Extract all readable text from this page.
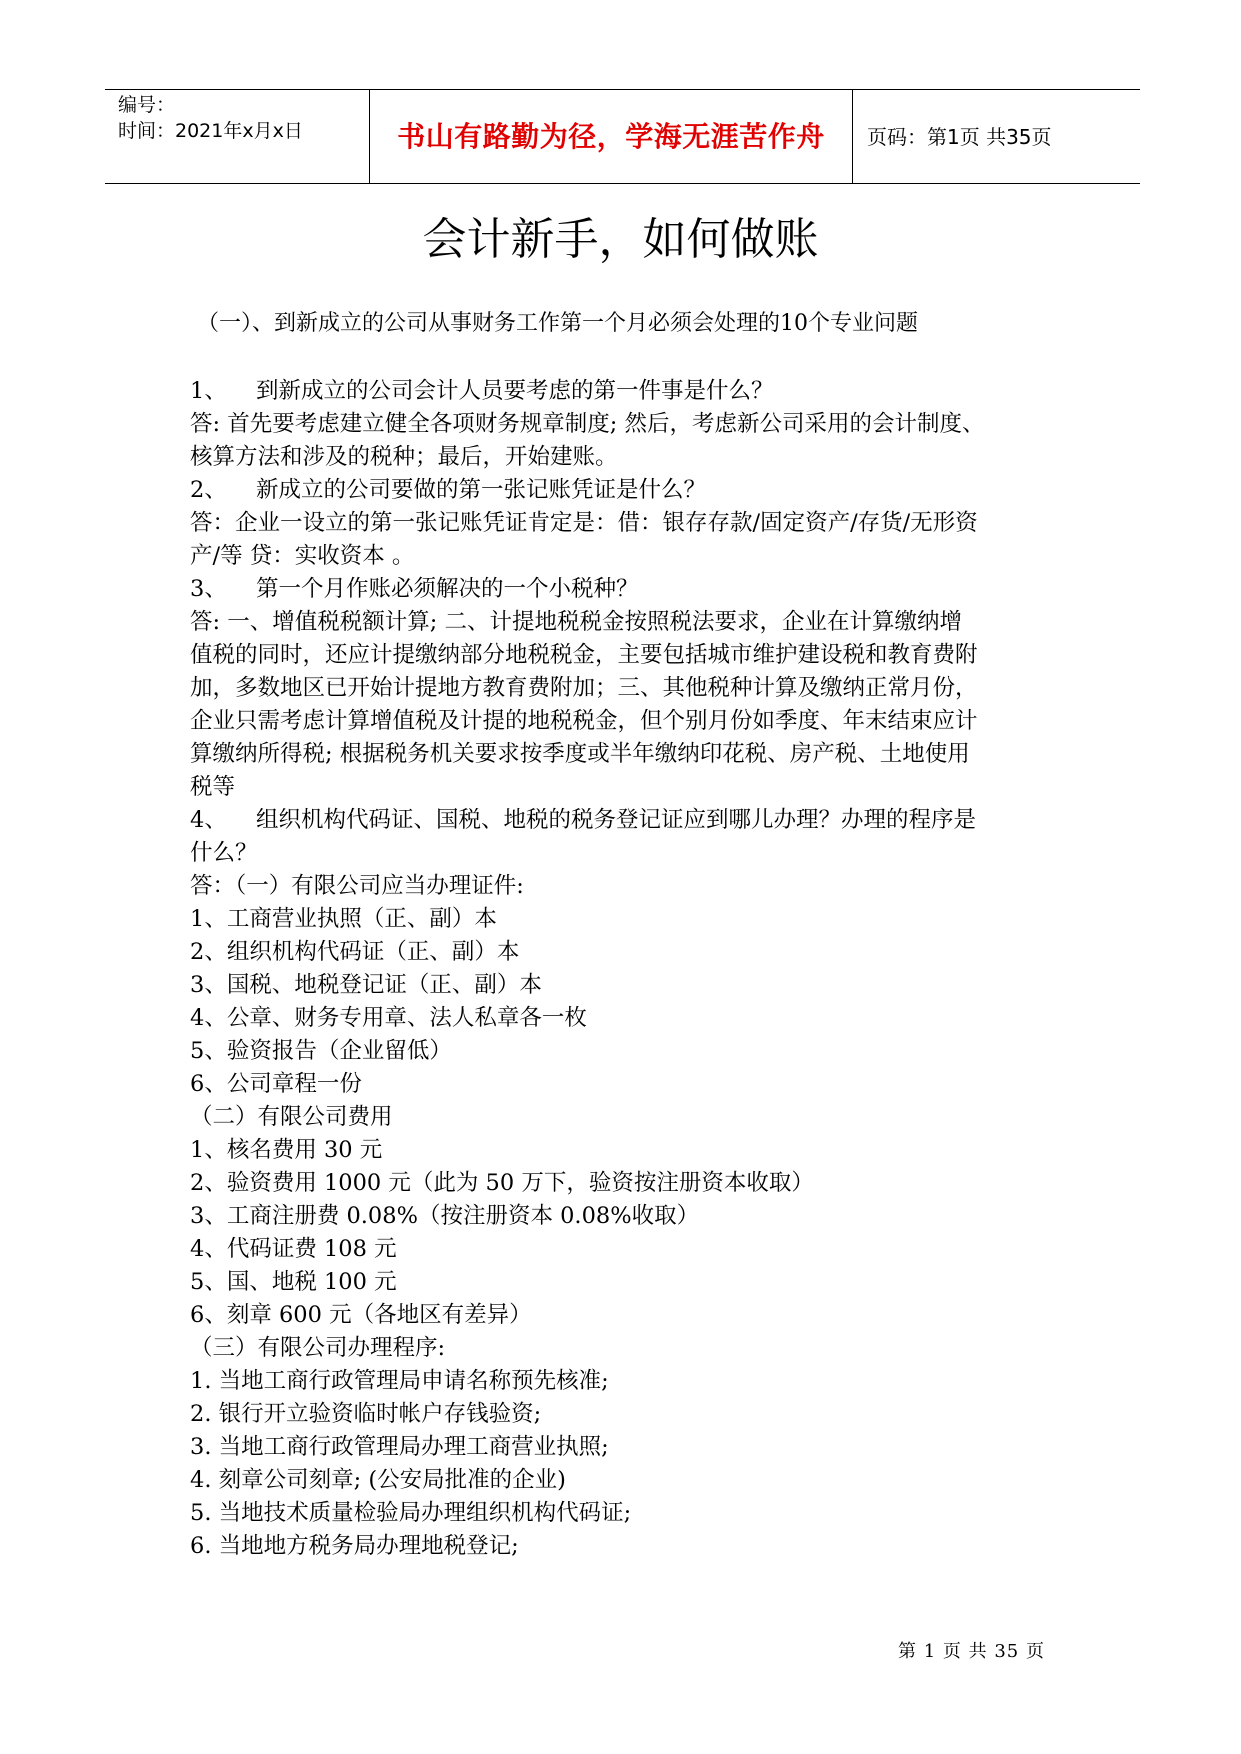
编号：
时间：2021年x月x日	书山有路勤为径，学海无涯苦作舟	页码：第1页 共35页
会计新手，如何做账
（一）、到新成立的公司从事财务工作第一个月必须会处理的10个专业问题
1、 到新成立的公司会计人员要考虑的第一件事是什么？
答: 首先要考虑建立健全各项财务规章制度; 然后，考虑新公司采用的会计制度、
核算方法和涉及的税种；最后，开始建账。
2、 新成立的公司要做的第一张记账凭证是什么？
答：企业一设立的第一张记账凭证肯定是：借：银存存款/固定资产/存货/无形资
产/等 贷：实收资本 。
3、 第一个月作账必须解决的一个小税种？
答: 一、增值税税额计算; 二、计提地税税金按照税法要求，企业在计算缴纳增
值税的同时，还应计提缴纳部分地税税金，主要包括城市维护建设税和教育费附
加，多数地区已开始计提地方教育费附加；三、其他税种计算及缴纳正常月份，
企业只需考虑计算增值税及计提的地税税金，但个别月份如季度、年末结束应计
算缴纳所得税; 根据税务机关要求按季度或半年缴纳印花税、房产税、土地使用
税等
4、 组织机构代码证、国税、地税的税务登记证应到哪儿办理？办理的程序是
什么？
答：（一）有限公司应当办理证件:
1、工商营业执照（正、副）本
2、组织机构代码证（正、副）本
3、国税、地税登记证（正、副）本
4、公章、财务专用章、法人私章各一枚
5、验资报告（企业留低）
6、公司章程一份
（二）有限公司费用
1、核名费用 30 元
2、验资费用 1000 元（此为 50 万下，验资按注册资本收取）
3、工商注册费 0.08%（按注册资本 0.08%收取）
4、代码证费 108 元
5、国、地税 100 元
6、刻章 600 元（各地区有差异）
（三）有限公司办理程序:
1. 当地工商行政管理局申请名称预先核准;
2. 银行开立验资临时帐户存钱验资;
3. 当地工商行政管理局办理工商营业执照;
4. 刻章公司刻章; (公安局批准的企业)
5. 当地技术质量检验局办理组织机构代码证;
6. 当地地方税务局办理地税登记;
第 1 页 共 35 页
